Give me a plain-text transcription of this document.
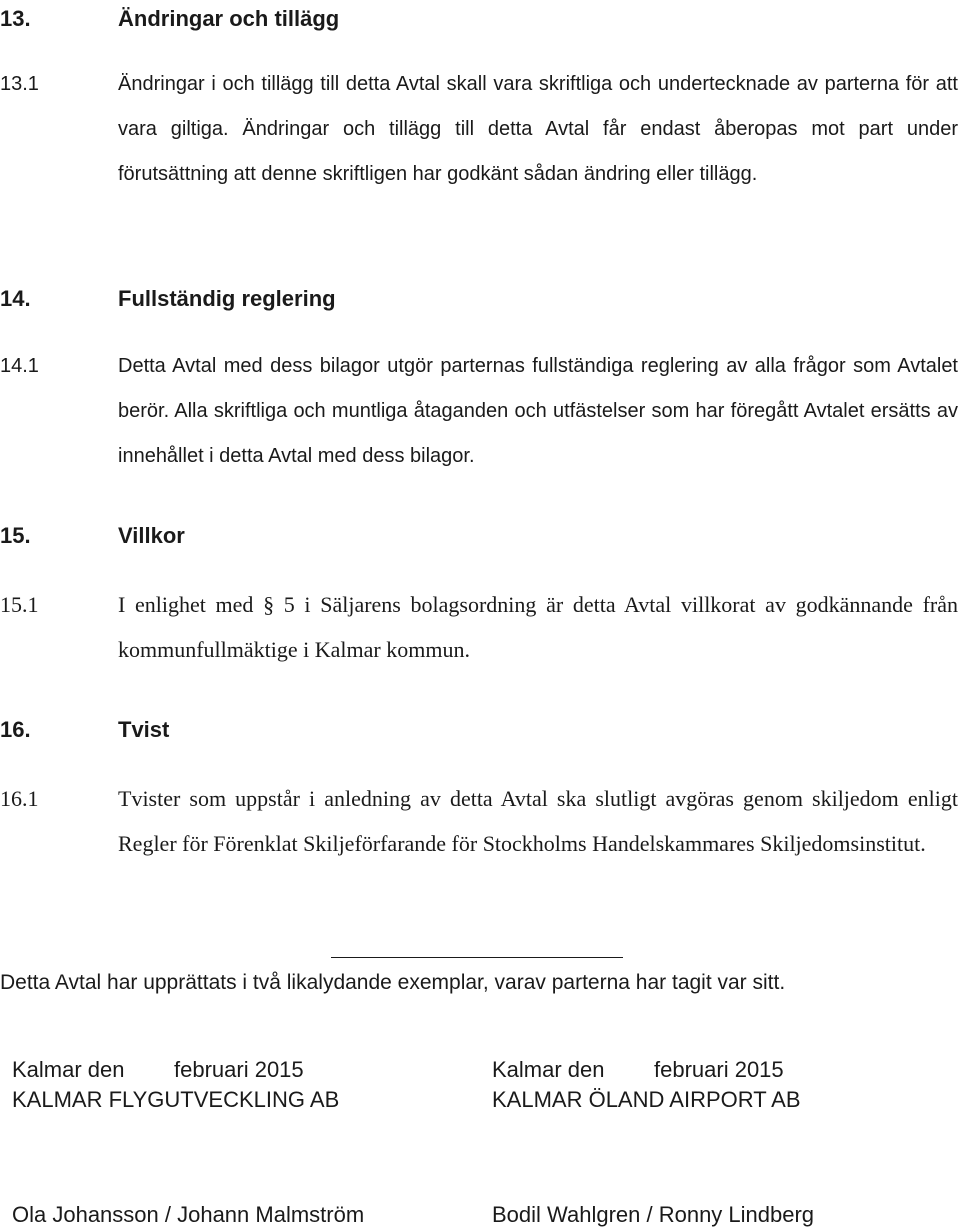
13.	Ändringar och tillägg
13.1	Ändringar i och tillägg till detta Avtal skall vara skriftliga och undertecknade av parterna för att vara giltiga. Ändringar och tillägg till detta Avtal får endast åberopas mot part under förutsättning att denne skriftligen har godkänt sådan ändring eller tillägg.
14.	Fullständig reglering
14.1	Detta Avtal med dess bilagor utgör parternas fullständiga reglering av alla frågor som Avtalet berör. Alla skriftliga och muntliga åtaganden och utfästelser som har föregått Avtalet ersätts av innehållet i detta Avtal med dess bilagor.
15.	Villkor
15.1	I enlighet med § 5 i Säljarens bolagsordning är detta Avtal villkorat av godkännande från kommunfullmäktige i Kalmar kommun.
16.	Tvist
16.1	Tvister som uppstår i anledning av detta Avtal ska slutligt avgöras genom skiljedom enligt Regler för Förenklat Skiljeförfarande för Stockholms Handelskammares Skiljedomsinstitut.
Detta Avtal har upprättats i två likalydande exemplar, varav parterna har tagit var sitt.
Kalmar den februari 2015
KALMAR FLYGUTVECKLING AB
Kalmar den februari 2015
KALMAR ÖLAND AIRPORT AB
Ola Johansson / Johann Malmström	Bodil Wahlgren / Ronny Lindberg
